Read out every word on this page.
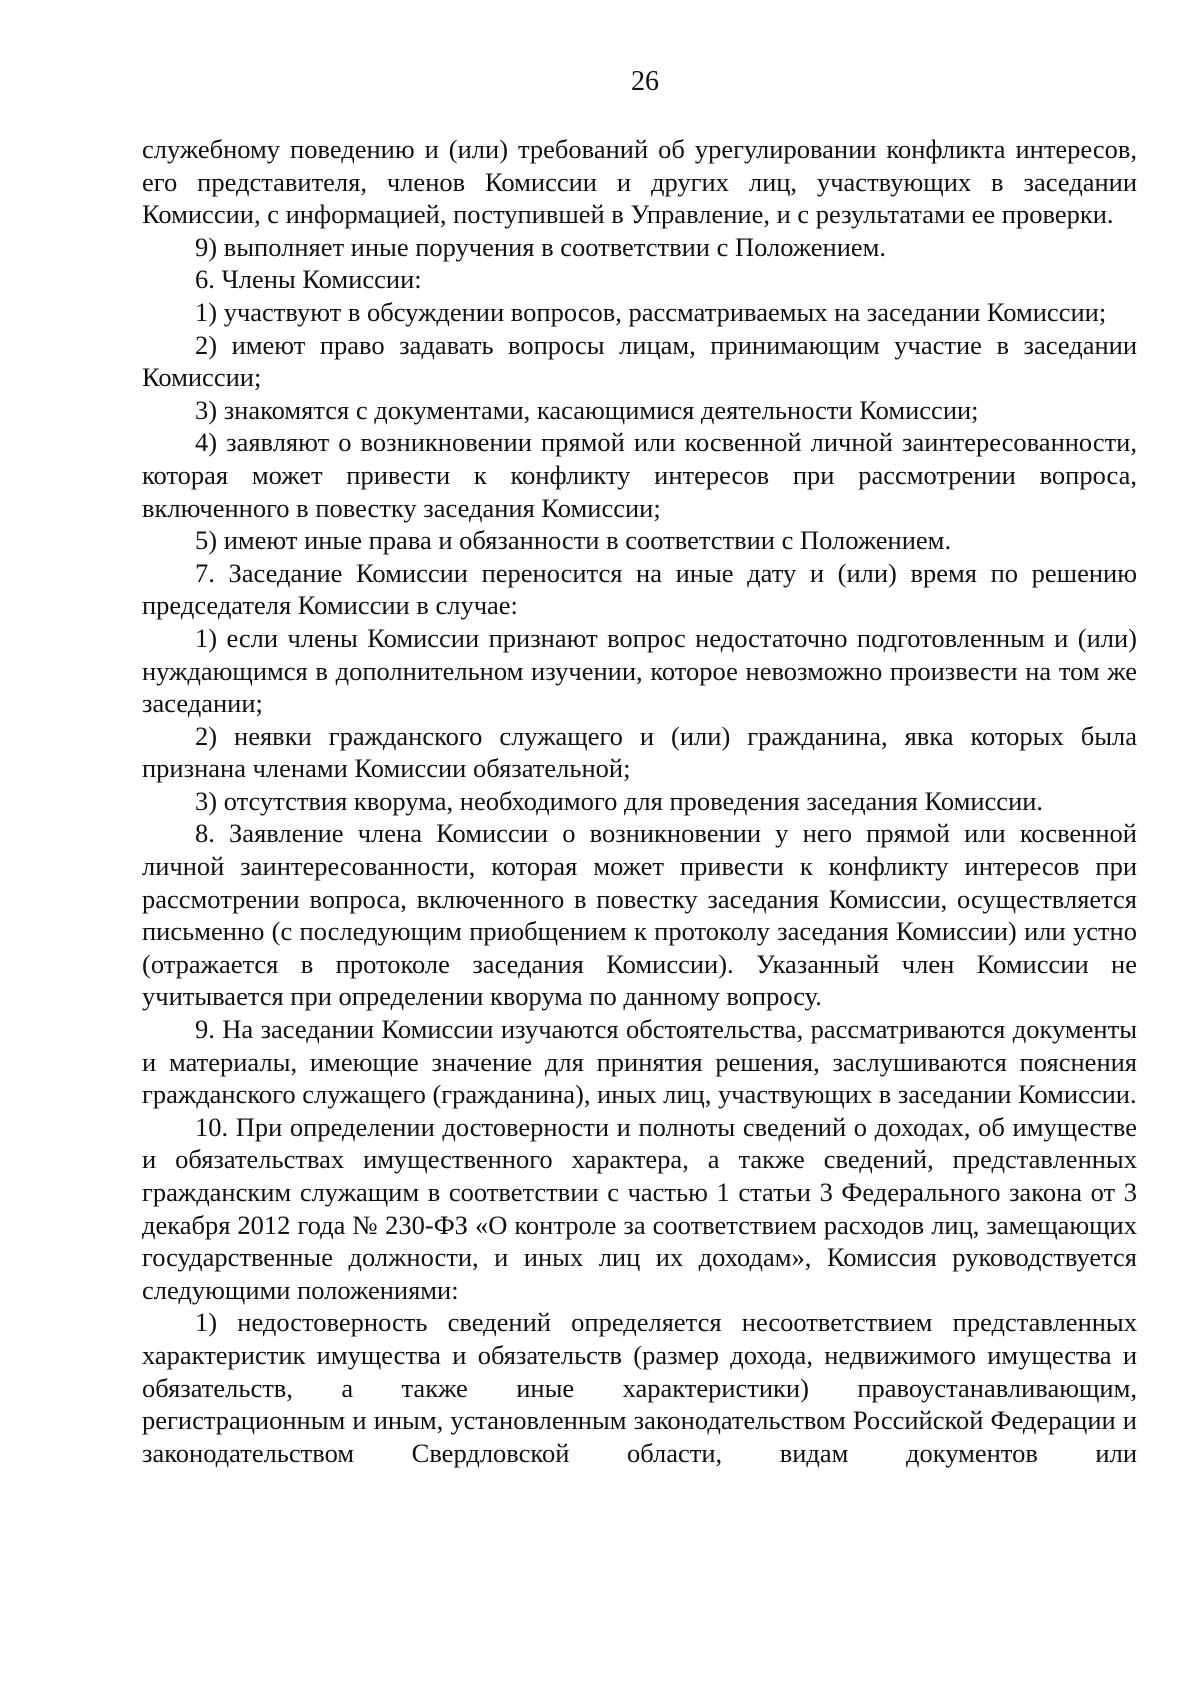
26

служебному поведению и (или) требований об урегулировании конфликта интересов, его представителя, членов Комиссии и других лиц, участвующих в заседании Комиссии, с информацией, поступившей в Управление, и с результатами ее проверки.

9) выполняет иные поручения в соответствии с Положением.

6. Члены Комиссии:

1) участвуют в обсуждении вопросов, рассматриваемых на заседании Комиссии;

2) имеют право задавать вопросы лицам, принимающим участие в заседании Комиссии;

3) знакомятся с документами, касающимися деятельности Комиссии;

4) заявляют о возникновении прямой или косвенной личной заинтересованности, которая может привести к конфликту интересов при рассмотрении вопроса, включенного в повестку заседания Комиссии;

5) имеют иные права и обязанности в соответствии с Положением.

7. Заседание Комиссии переносится на иные дату и (или) время по решению председателя Комиссии в случае:

1) если члены Комиссии признают вопрос недостаточно подготовленным и (или) нуждающимся в дополнительном изучении, которое невозможно произвести на том же заседании;

2) неявки гражданского служащего и (или) гражданина, явка которых была признана членами Комиссии обязательной;

3) отсутствия кворума, необходимого для проведения заседания Комиссии.

8. Заявление члена Комиссии о возникновении у него прямой или косвенной личной заинтересованности, которая может привести к конфликту интересов при рассмотрении вопроса, включенного в повестку заседания Комиссии, осуществляется письменно (с последующим приобщением к протоколу заседания Комиссии) или устно (отражается в протоколе заседания Комиссии). Указанный член Комиссии не учитывается при определении кворума по данному вопросу.

9. На заседании Комиссии изучаются обстоятельства, рассматриваются документы и материалы, имеющие значение для принятия решения, заслушиваются пояснения гражданского служащего (гражданина), иных лиц, участвующих в заседании Комиссии.

10. При определении достоверности и полноты сведений о доходах, об имуществе и обязательствах имущественного характера, а также сведений, представленных гражданским служащим в соответствии с частью 1 статьи 3 Федерального закона от 3 декабря 2012 года № 230-ФЗ «О контроле за соответствием расходов лиц, замещающих государственные должности, и иных лиц их доходам», Комиссия руководствуется следующими положениями:

1) недостоверность сведений определяется несоответствием представленных характеристик имущества и обязательств (размер дохода, недвижимого имущества и обязательств, а также иные характеристики) правоустанавливающим, регистрационным и иным, установленным законодательством Российской Федерации и законодательством Свердловской области, видам документов или
